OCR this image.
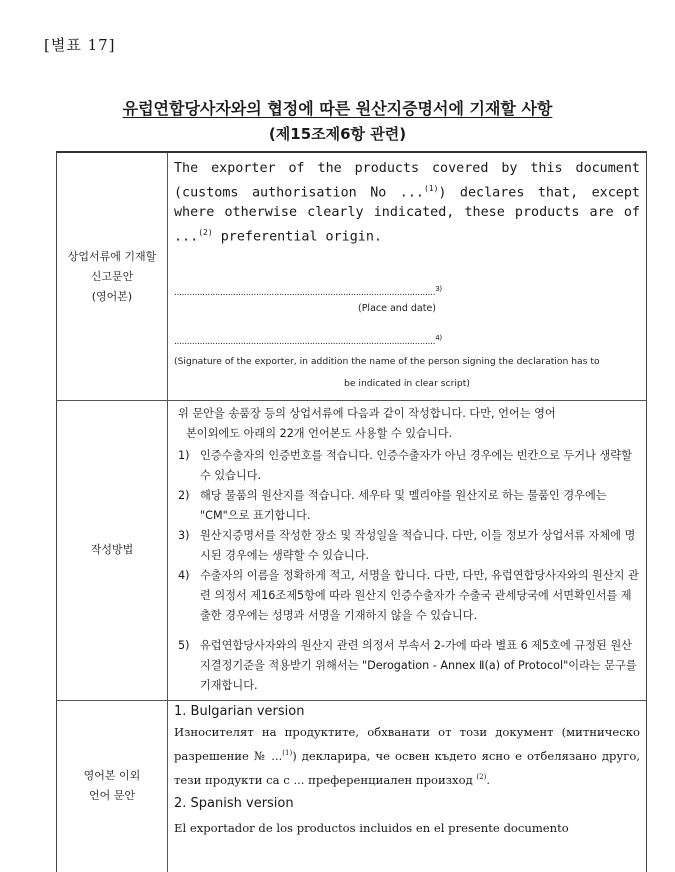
[별표 17]
유럽연합당사자와의 협정에 따른 원산지증명서에 기재할 사항
(제15조제6항 관련)
상업서류에 기재할
신고문안
(영어본)

The exporter of the products covered by this document (customs authorisation No ...$^{(1)}$) declares that, except where otherwise clearly indicated, these products are of ...$^{(2)}$ preferential origin.

......................................................................................................$^{3)}$
(Place and date)
......................................................................................................$^{4)}$
(Signature of the exporter, in addition the name of the person signing the declaration has to
be indicated in clear script)
작성방법
위 문안을 송품장 등의 상업서류에 다음과 같이 작성합니다. 다만, 언어는 영어
본이외에도 아래의 22개 언어본도 사용할 수 있습니다.
1) 인증수출자의 인증번호를 적습니다. 인증수출자가 아닌 경우에는 빈칸으로 두거나 생략할 수 있습니다.
2) 해당 물품의 원산지를 적습니다. 세우타 및 멜리야를 원산지로 하는 물품인 경우에는 "CM"으로 표기합니다.
3) 원산지증명서를 작성한 장소 및 작성일을 적습니다. 다만, 이들 정보가 상업서류 자체에 명시된 경우에는 생략할 수 있습니다.
4) 수출자의 이름을 정확하게 적고, 서명을 합니다. 다만, 다만, 유럽연합당사자와의 원산지 관련 의정서 제16조제5항에 따라 원산지 인증수출자가 수출국 관세당국에 서면확인서를 제출한 경우에는 성명과 서명을 기재하지 않을 수 있습니다.
5) 유럽연합당사자와의 원산지 관련 의정서 부속서 2-가에 따라 별표 6 제5호에 규정된 원산지결정기준을 적용받기 위해서는 "Derogation - Annex Ⅱ(a) of Protocol"이라는 문구를 기재합니다.
영어본 이외
언어 문안
1. Bulgarian version
Износителят на продуктите, обхванати от този документ (митническо разрешение № ...$^{(1)}$) декларира, че освен където ясно е отбелязано друго, тези продукти са с ... преференциален произход $^{(2)}$.
2. Spanish version
El exportador de los productos incluidos en el presente documento
